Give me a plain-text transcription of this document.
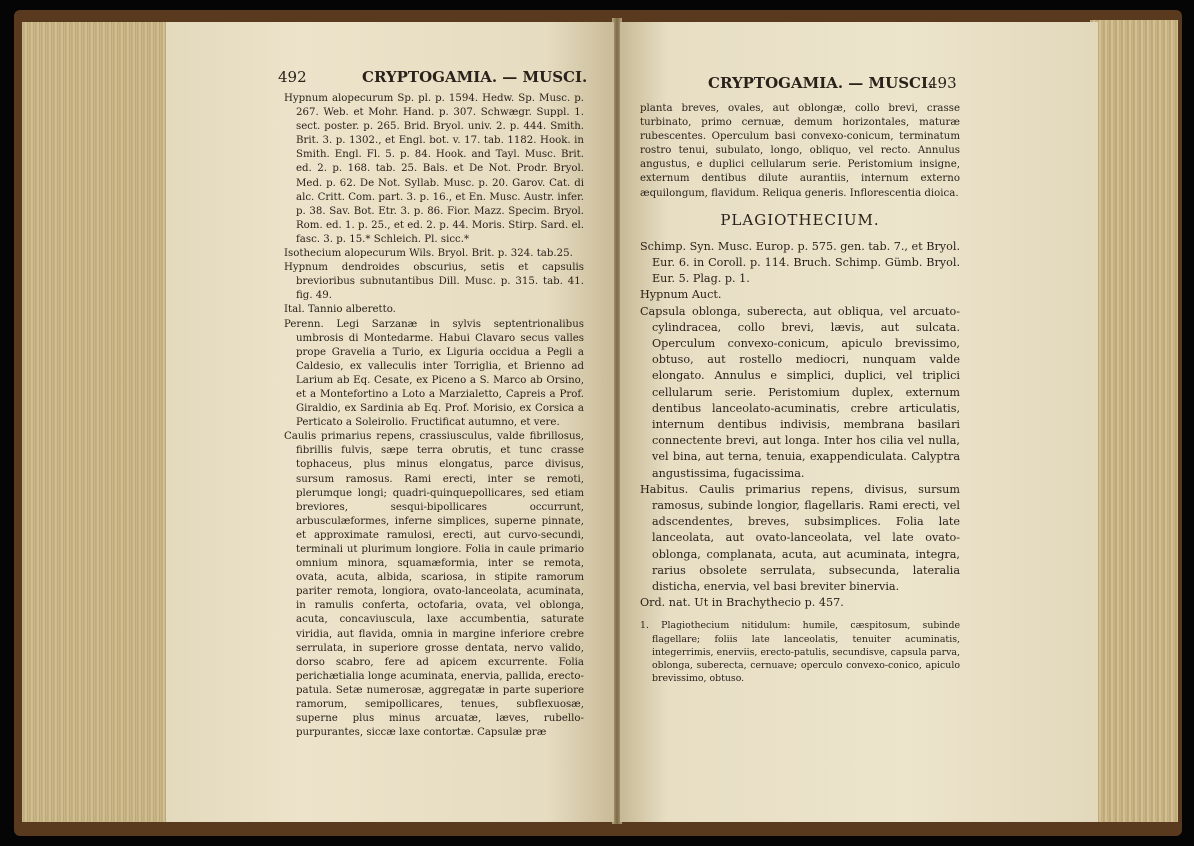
492	CRYPTOGAMIA. — MUSCI.

Hypnum alopecurum Sp. pl. p. 1594. Hedw. Sp. Musc. p. 267. Web. et Mohr. Hand. p. 307. Schwægr. Suppl. 1. sect. poster. p. 265. Brid. Bryol. univ. 2. p. 444. Smith. Brit. 3. p. 1302., et Engl. bot. v. 17. tab. 1182. Hook. in Smith. Engl. Fl. 5. p. 84. Hook. and Tayl. Musc. Brit. ed. 2. p. 168. tab. 25. Bals. et De Not. Prodr. Bryol. Med. p. 62. De Not. Syllab. Musc. p. 20. Garov. Cat. di alc. Critt. Com. part. 3. p. 16., et En. Musc. Austr. infer. p. 38. Sav. Bot. Etr. 3. p. 86. Fior. Mazz. Specim. Bryol. Rom. ed. 1. p. 25., et ed. 2. p. 44. Moris. Stirp. Sard. el. fasc. 3. p. 15.* Schleich. Pl. sicc.*

Isothecium alopecurum Wils. Bryol. Brit. p. 324. tab.25.

Hypnum dendroides obscurius, setis et capsulis brevioribus subnutantibus Dill. Musc. p. 315. tab. 41. fig. 49.

Ital. Tannio alberetto.

Perenn. Legi Sarzanæ in sylvis septentrionalibus umbrosis di Montedarme. Habui Clavaro secus valles prope Gravelia a Turio, ex Liguria occidua a Pegli a Caldesio, ex valleculis inter Torriglia, et Brienno ad Larium ab Eq. Cesate, ex Piceno a S. Marco ab Orsino, et a Montefortino a Loto a Marzialetto, Capreis a Prof. Giraldio, ex Sardinia ab Eq. Prof. Morisio, ex Corsica a Perticato a Soleirolio. Fructificat autumno, et vere.

Caulis primarius repens, crassiusculus, valde fibrillosus, fibrillis fulvis, sæpe terra obrutis, et tunc crasse tophaceus, plus minus elongatus, parce divisus, sursum ramosus. Rami erecti, inter se remoti, plerumque longi; quadri-quinquepollicares, sed etiam breviores, sesqui-bipollicares occurrunt, arbusculæformes, inferne simplices, superne pinnate, et approximate ramulosi, erecti, aut curvo-secundi, terminali ut plurimum longiore. Folia in caule primario omnium minora, squamæformia, inter se remota, ovata, acuta, albida, scariosa, in stipite ramorum pariter remota, longiora, ovato-lanceolata, acuminata, in ramulis conferta, octofaria, ovata, vel oblonga, acuta, concaviuscula, laxe accumbentia, saturate viridia, aut flavida, omnia in margine inferiore crebre serrulata, in superiore grosse dentata, nervo valido, dorso scabro, fere ad apicem excurrente. Folia perichætialia longe acuminata, enervia, pallida, erecto-patula. Setæ numerosæ, aggregatæ in parte superiore ramorum, semipollicares, tenues, subflexuosæ, superne plus minus arcuatæ, læves, rubello-purpurantes, siccæ laxe contortæ. Capsulæ præ

CRYPTOGAMIA. — MUSCI.
493

planta breves, ovales, aut oblongæ, collo brevi, crasse turbinato, primo cernuæ, demum horizontales, maturæ rubescentes. Operculum basi convexo-conicum, terminatum rostro tenui, subulato, longo, obliquo, vel recto. Annulus angustus, e duplici cellularum serie. Peristomium insigne, externum dentibus dilute aurantiis, internum externo æquilongum, flavidum. Reliqua generis. Inflorescentia dioica.

PLAGIOTHECIUM.

Schimp. Syn. Musc. Europ. p. 575. gen. tab. 7., et Bryol. Eur. 6. in Coroll. p. 114. Bruch. Schimp. Gümb. Bryol. Eur. 5. Plag. p. 1.

Hypnum Auct.

Capsula oblonga, suberecta, aut obliqua, vel arcuato-cylindracea, collo brevi, lævis, aut sulcata. Operculum convexo-conicum, apiculo brevissimo, obtuso, aut rostello mediocri, nunquam valde elongato. Annulus e simplici, duplici, vel triplici cellularum serie. Peristomium duplex, externum dentibus lanceolato-acuminatis, crebre articulatis, internum dentibus indivisis, membrana basilari connectente brevi, aut longa. Inter hos cilia vel nulla, vel bina, aut terna, tenuia, exappendiculata. Calyptra angustissima, fugacissima.

Habitus. Caulis primarius repens, divisus, sursum ramosus, subinde longior, flagellaris. Rami erecti, vel adscendentes, breves, subsimplices. Folia late lanceolata, aut ovato-lanceolata, vel late ovato-oblonga, complanata, acuta, aut acuminata, integra, rarius obsolete serrulata, subsecunda, lateralia disticha, enervia, vel basi breviter binervia.

Ord. nat. Ut in Brachythecio p. 457.

1. Plagiothecium nitidulum: humile, cæspitosum, subinde flagellare; foliis late lanceolatis, tenuiter acuminatis, integerrimis, enerviis, erecto-patulis, secundisve, capsula parva, oblonga, suberecta, cernuave; operculo convexo-conico, apiculo brevissimo, obtuso.
